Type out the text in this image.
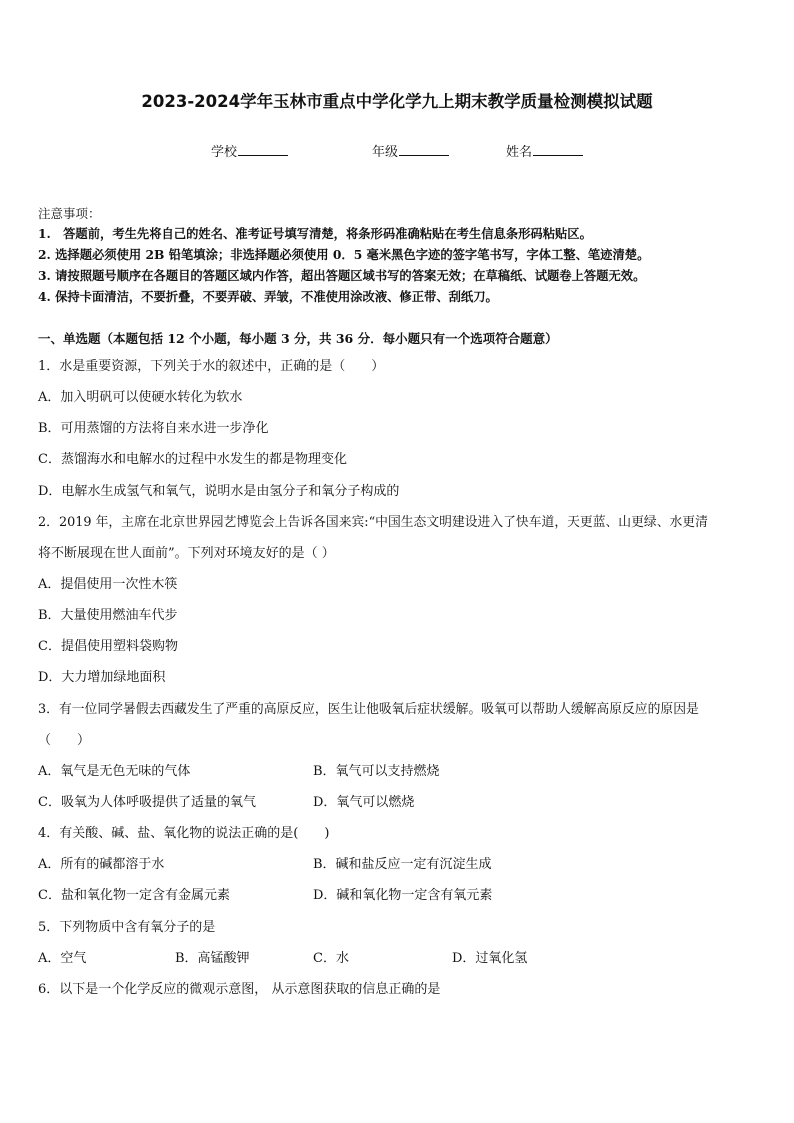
2023-2024学年玉林市重点中学化学九上期末教学质量检测模拟试题
学校	年级	姓名
注意事项：
1.　答题前，考生先将自己的姓名、准考证号填写清楚，将条形码准确粘贴在考生信息条形码粘贴区。
2. 选择题必须使用 2B 铅笔填涂；非选择题必须使用 0．5 毫米黑色字迹的签字笔书写，字体工整、笔迹清楚。
3. 请按照题号顺序在各题目的答题区域内作答，超出答题区域书写的答案无效；在草稿纸、试题卷上答题无效。
4. 保持卡面清洁，不要折叠，不要弄破、弄皱，不准使用涂改液、修正带、刮纸刀。
一、单选题（本题包括 12 个小题，每小题 3 分，共 36 分．每小题只有一个选项符合题意）
1．水是重要资源，下列关于水的叙述中，正确的是（　　）
A．加入明矾可以使硬水转化为软水
B．可用蒸馏的方法将自来水进一步净化
C．蒸馏海水和电解水的过程中水发生的都是物理变化
D．电解水生成氢气和氧气，说明水是由氢分子和氧分子构成的
2．2019 年，主席在北京世界园艺博览会上告诉各国来宾:“中国生态文明建设进入了快车道，天更蓝、山更绿、水更清
将不断展现在世人面前”。下列对环境友好的是（ ）
A．提倡使用一次性木筷
B．大量使用燃油车代步
C．提倡使用塑料袋购物
D．大力增加绿地面积
3．有一位同学暑假去西藏发生了严重的高原反应，医生让他吸氧后症状缓解。吸氧可以帮助人缓解高原反应的原因是
（　　）
A．氧气是无色无味的气体	B．氧气可以支持燃烧
C．吸氧为人体呼吸提供了适量的氧气	D．氧气可以燃烧
4．有关酸、碱、盐、氧化物的说法正确的是(　　)
A．所有的碱都溶于水	B．碱和盐反应一定有沉淀生成
C．盐和氧化物一定含有金属元素	D．碱和氧化物一定含有氧元素
5．下列物质中含有氧分子的是
A．空气	B．高锰酸钾	C．水	D．过氧化氢
6．以下是一个化学反应的微观示意图， 从示意图获取的信息正确的是
